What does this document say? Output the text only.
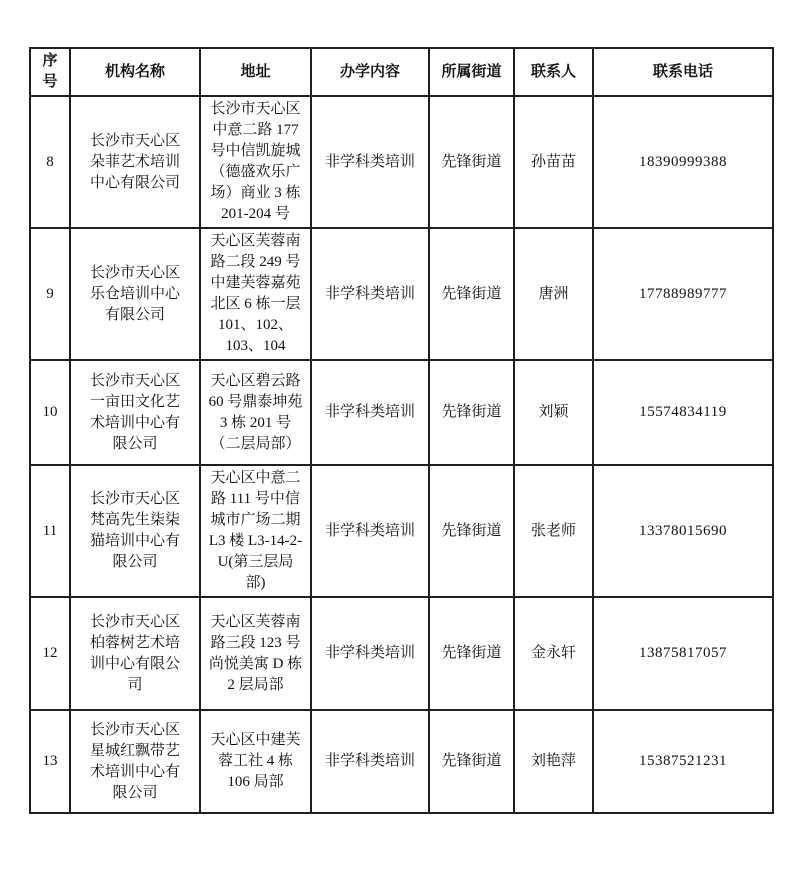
序号	机构名称	地址	办学内容	所属街道	联系人	联系电话
8	长沙市天心区朵菲艺术培训中心有限公司	长沙市天心区中意二路 177 号中信凯旋城（德盛欢乐广场）商业 3 栋 201-204 号	非学科类培训	先锋街道	孙苗苗	18390999388
9	长沙市天心区乐仓培训中心有限公司	天心区芙蓉南路二段 249 号中建芙蓉嘉苑北区 6 栋一层 101、102、103、104	非学科类培训	先锋街道	唐洲	17788989777
10	长沙市天心区一亩田文化艺术培训中心有限公司	天心区碧云路 60 号鼎泰坤苑 3 栋 201 号（二层局部）	非学科类培训	先锋街道	刘颖	15574834119
11	长沙市天心区梵高先生柒柒猫培训中心有限公司	天心区中意二路 111 号中信城市广场二期 L3 楼 L3-14-2-U(第三层局部)	非学科类培训	先锋街道	张老师	13378015690
12	长沙市天心区柏蓉树艺术培训中心有限公司	天心区芙蓉南路三段 123 号尚悦美寓 D 栋 2 层局部	非学科类培训	先锋街道	金永轩	13875817057
13	长沙市天心区星城红飘带艺术培训中心有限公司	天心区中建芙蓉工社 4 栋 106 局部	非学科类培训	先锋街道	刘艳萍	15387521231
